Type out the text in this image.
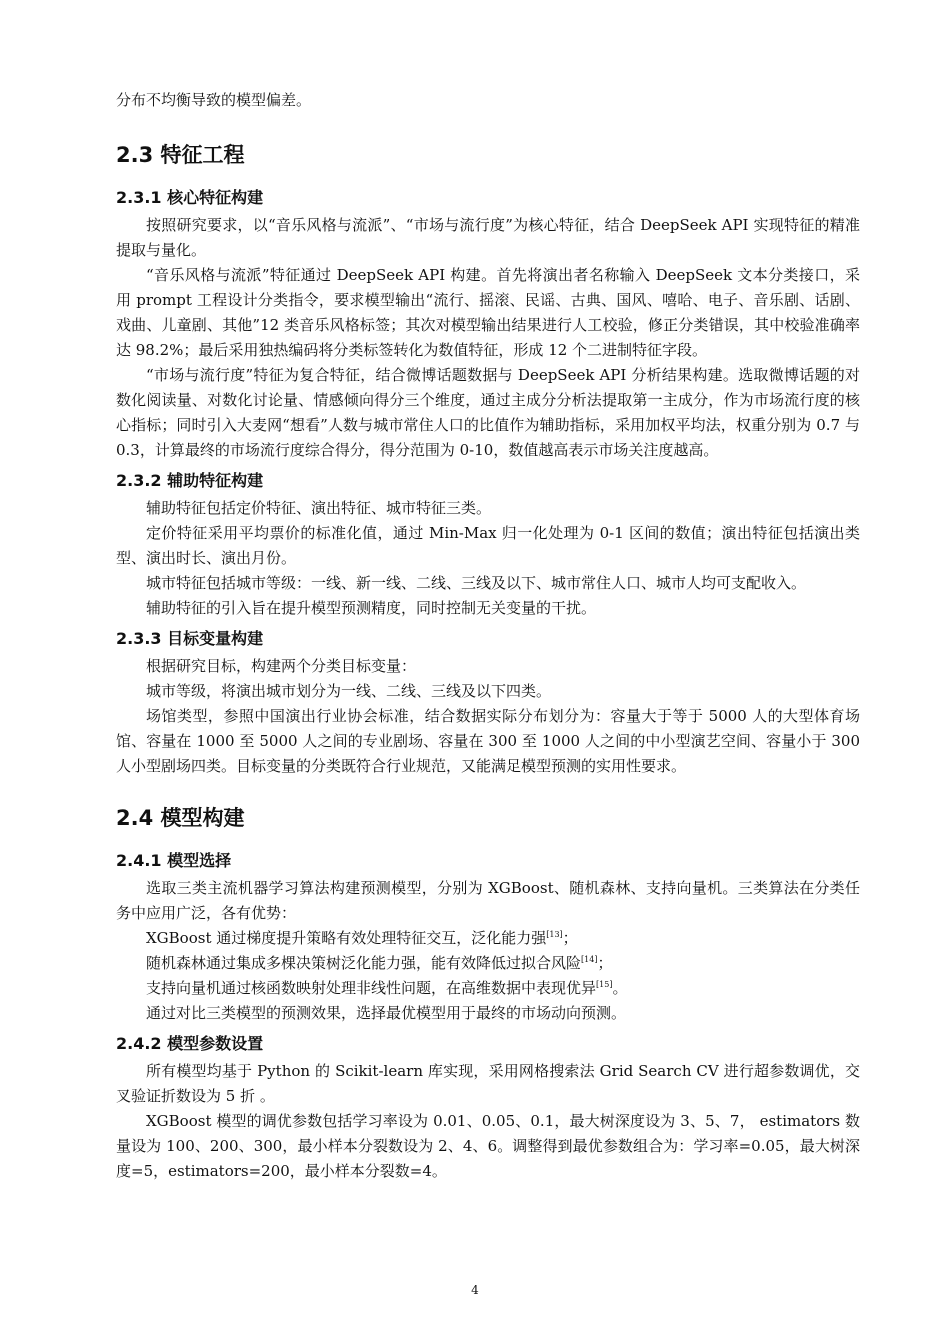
分布不均衡导致的模型偏差。

2.3 特征工程
2.3.1 核心特征构建

按照研究要求，以“音乐风格与流派”、“市场与流行度”为核心特征，结合 DeepSeek API 实现特征的精准提取与量化。

“音乐风格与流派”特征通过 DeepSeek API 构建。首先将演出者名称输入 DeepSeek 文本分类接口，采用 prompt 工程设计分类指令，要求模型输出“流行、摇滚、民谣、古典、国风、嘻哈、电子、音乐剧、话剧、戏曲、儿童剧、其他”12 类音乐风格标签；其次对模型输出结果进行人工校验，修正分类错误，其中校验准确率达 98.2%；最后采用独热编码将分类标签转化为数值特征，形成 12 个二进制特征字段。

“市场与流行度”特征为复合特征，结合微博话题数据与 DeepSeek API 分析结果构建。选取微博话题的对数化阅读量、对数化讨论量、情感倾向得分三个维度，通过主成分分析法提取第一主成分，作为市场流行度的核心指标；同时引入大麦网“想看”人数与城市常住人口的比值作为辅助指标，采用加权平均法，权重分别为 0.7 与 0.3，计算最终的市场流行度综合得分，得分范围为 0-10，数值越高表示市场关注度越高。

2.3.2 辅助特征构建

辅助特征包括定价特征、演出特征、城市特征三类。

定价特征采用平均票价的标准化值，通过 Min-Max 归一化处理为 0-1 区间的数值；演出特征包括演出类型、演出时长、演出月份。

城市特征包括城市等级：一线、新一线、二线、三线及以下、城市常住人口、城市人均可支配收入。

辅助特征的引入旨在提升模型预测精度，同时控制无关变量的干扰。

2.3.3 目标变量构建

根据研究目标，构建两个分类目标变量：

城市等级，将演出城市划分为一线、二线、三线及以下四类。

场馆类型，参照中国演出行业协会标准，结合数据实际分布划分为：容量大于等于 5000 人的大型体育场馆、容量在 1000 至 5000 人之间的专业剧场、容量在 300 至 1000 人之间的中小型演艺空间、容量小于 300 人小型剧场四类。目标变量的分类既符合行业规范，又能满足模型预测的实用性要求。

2.4 模型构建
2.4.1 模型选择

选取三类主流机器学习算法构建预测模型，分别为 XGBoost、随机森林、支持向量机。三类算法在分类任务中应用广泛，各有优势：

XGBoost 通过梯度提升策略有效处理特征交互，泛化能力强[13]；

随机森林通过集成多棵决策树泛化能力强，能有效降低过拟合风险[14]；

支持向量机通过核函数映射处理非线性问题，在高维数据中表现优异[15]。

通过对比三类模型的预测效果，选择最优模型用于最终的市场动向预测。

2.4.2 模型参数设置

所有模型均基于 Python 的 Scikit-learn 库实现，采用网格搜索法 Grid Search CV 进行超参数调优，交叉验证折数设为 5 折 。

XGBoost 模型的调优参数包括学习率设为 0.01、0.05、0.1，最大树深度设为 3、5、7， estimators 数量设为 100、200、300，最小样本分裂数设为 2、4、6。调整得到最优参数组合为：学习率=0.05，最大树深度=5，estimators=200，最小样本分裂数=4。

4
